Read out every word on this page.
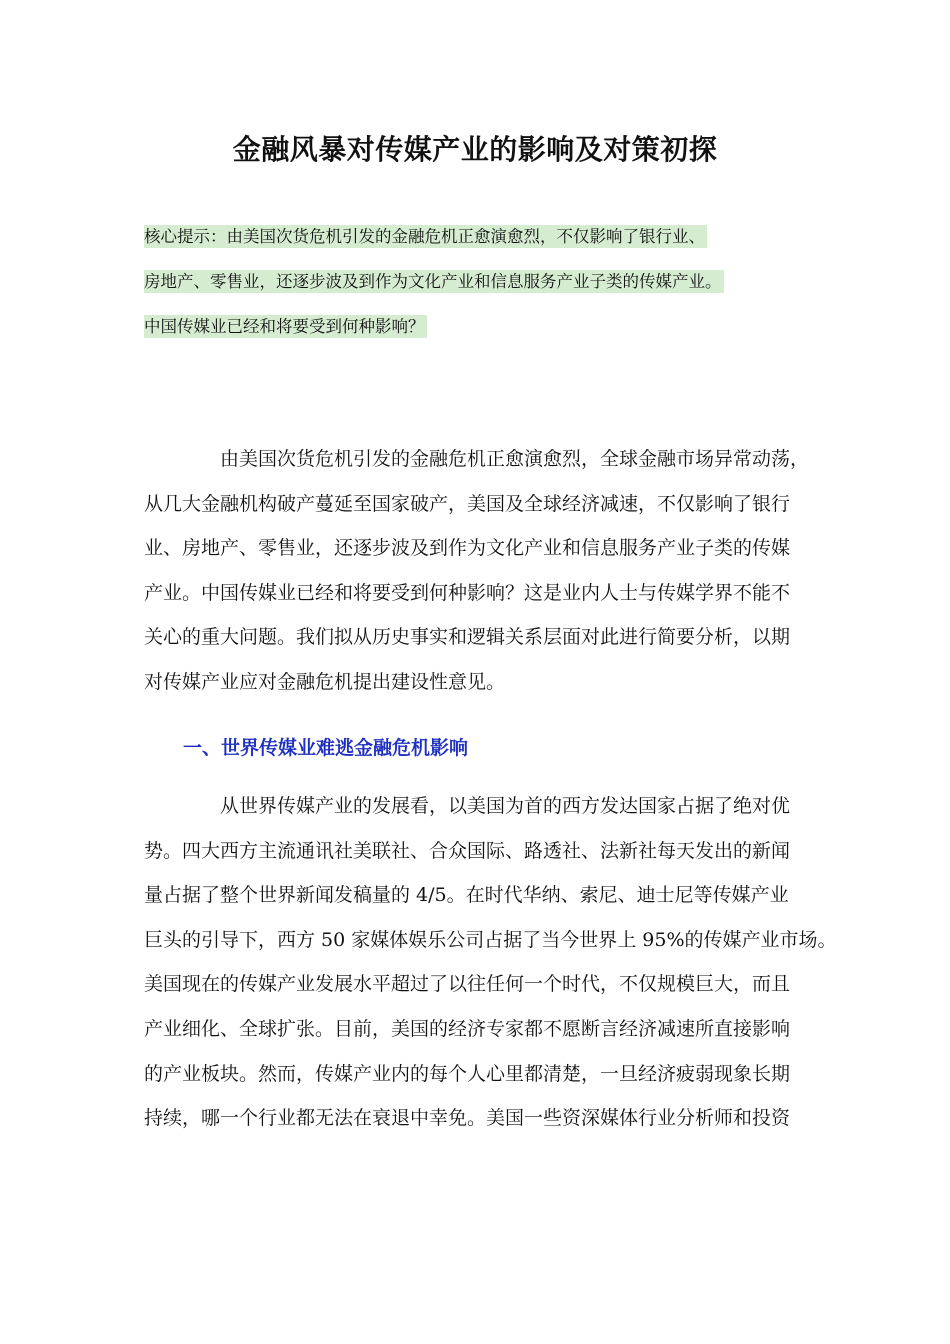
金融风暴对传媒产业的影响及对策初探
核心提示：由美国次货危机引发的金融危机正愈演愈烈，不仅影响了银行业、
房地产、零售业，还逐步波及到作为文化产业和信息服务产业子类的传媒产业。
中国传媒业已经和将要受到何种影响？
由美国次货危机引发的金融危机正愈演愈烈，全球金融市场异常动荡，
从几大金融机构破产蔓延至国家破产，美国及全球经济减速，不仅影响了银行
业、房地产、零售业，还逐步波及到作为文化产业和信息服务产业子类的传媒
产业。中国传媒业已经和将要受到何种影响？这是业内人士与传媒学界不能不
关心的重大问题。我们拟从历史事实和逻辑关系层面对此进行简要分析，以期
对传媒产业应对金融危机提出建设性意见。
一、世界传媒业难逃金融危机影响
从世界传媒产业的发展看，以美国为首的西方发达国家占据了绝对优
势。四大西方主流通讯社美联社、合众国际、路透社、法新社每天发出的新闻
量占据了整个世界新闻发稿量的 4/5。在时代华纳、索尼、迪士尼等传媒产业
巨头的引导下，西方 50 家媒体娱乐公司占据了当今世界上 95%的传媒产业市场。
美国现在的传媒产业发展水平超过了以往任何一个时代，不仅规模巨大，而且
产业细化、全球扩张。目前，美国的经济专家都不愿断言经济减速所直接影响
的产业板块。然而，传媒产业内的每个人心里都清楚，一旦经济疲弱现象长期
持续，哪一个行业都无法在衰退中幸免。美国一些资深媒体行业分析师和投资
